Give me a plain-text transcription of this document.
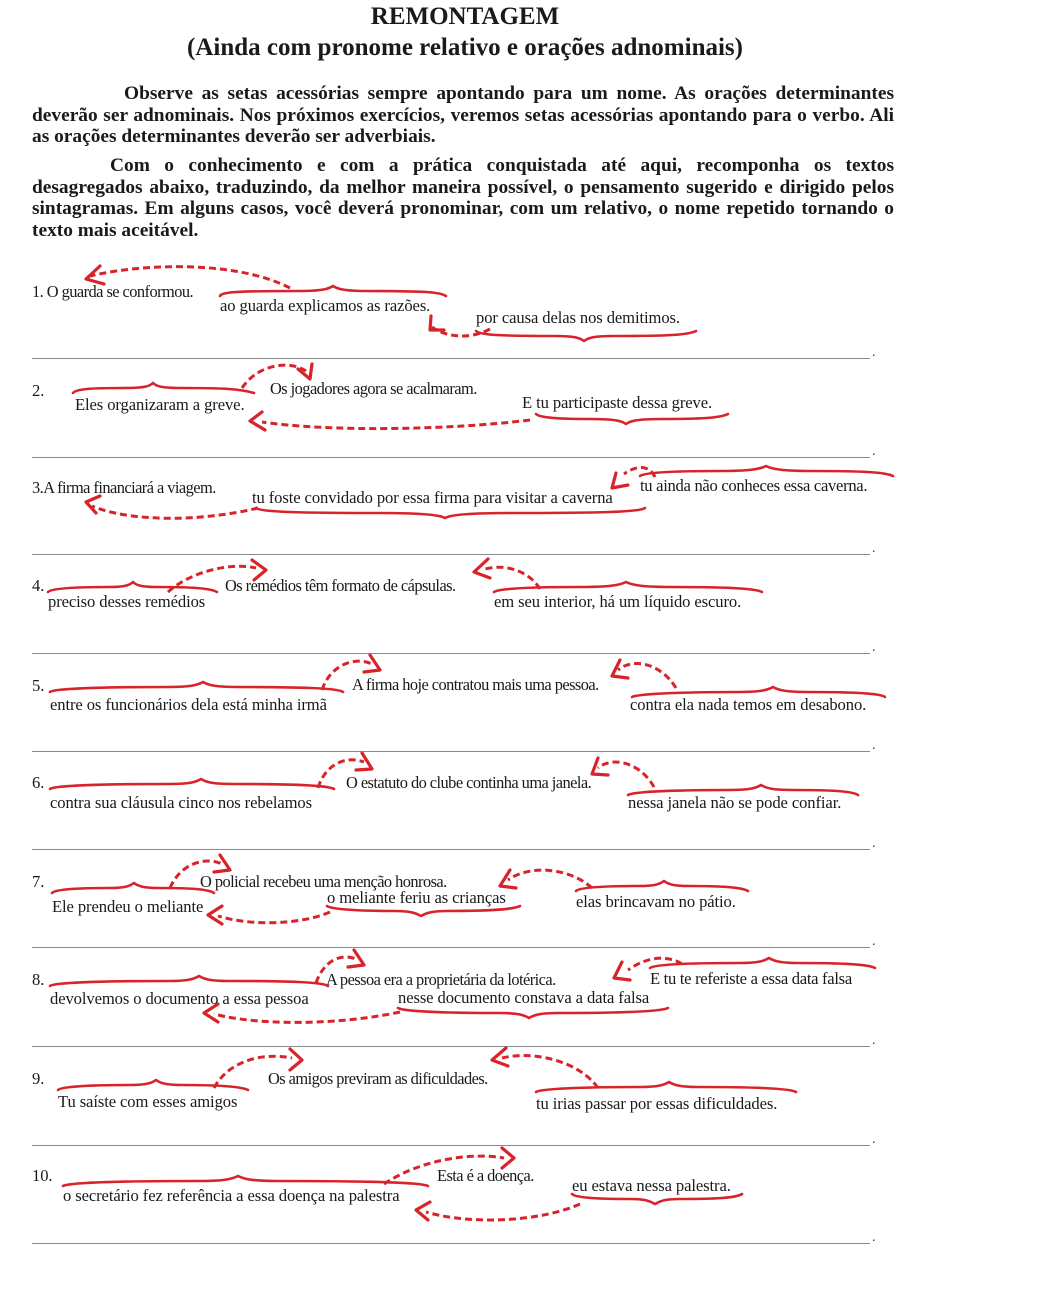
REMONTAGEM
(Ainda com pronome relativo e orações adnominais)

Observe as setas acessórias sempre apontando para um nome. As orações determinantes deverão ser adnominais. Nos próximos exercícios, veremos setas acessórias apontando para o verbo. Ali as orações determinantes deverão ser adverbiais.

Com o conhecimento e com a prática conquistada até aqui, recomponha os textos desagregados abaixo, traduzindo, da melhor maneira possível, o pensamento sugerido e dirigido pelos sintagramas. Em alguns casos, você deverá pronominar, com um relativo, o nome repetido tornando o texto mais aceitável.

1. O guarda se conformou.
ao guarda explicamos as razões.
por causa delas nos demitimos.
.
2.	Os jogadores agora se acalmaram.
Eles organizaram a greve.	E tu participaste dessa greve.
.
3.A firma financiará a viagem.
tu foste convidado por essa firma para visitar a caverna
tu ainda não conheces essa caverna.
.
4.	Os remédios têm formato de cápsulas.
preciso desses remédios	em seu interior, há um líquido escuro.
.
5.	A firma hoje contratou mais uma pessoa.
entre os funcionários dela está minha irmã	contra ela nada temos em desabono.
.
6.	O estatuto do clube continha uma janela.
contra sua cláusula cinco nos rebelamos	nessa janela não se pode confiar.
.
7.	O policial recebeu uma menção honrosa.
Ele prendeu o meliante	o meliante feriu as crianças	elas brincavam no pátio.
.
8.	A pessoa era a proprietária da lotérica.
devolvemos o documento a essa pessoa	nesse documento constava a data falsa
E tu te referiste a essa data falsa
.
9.	Os amigos previram as dificuldades.
Tu saíste com esses amigos	tu irias passar por essas dificuldades.
.
10.	Esta é a doença.
o secretário fez referência a essa doença na palestra
eu estava nessa palestra.
.
